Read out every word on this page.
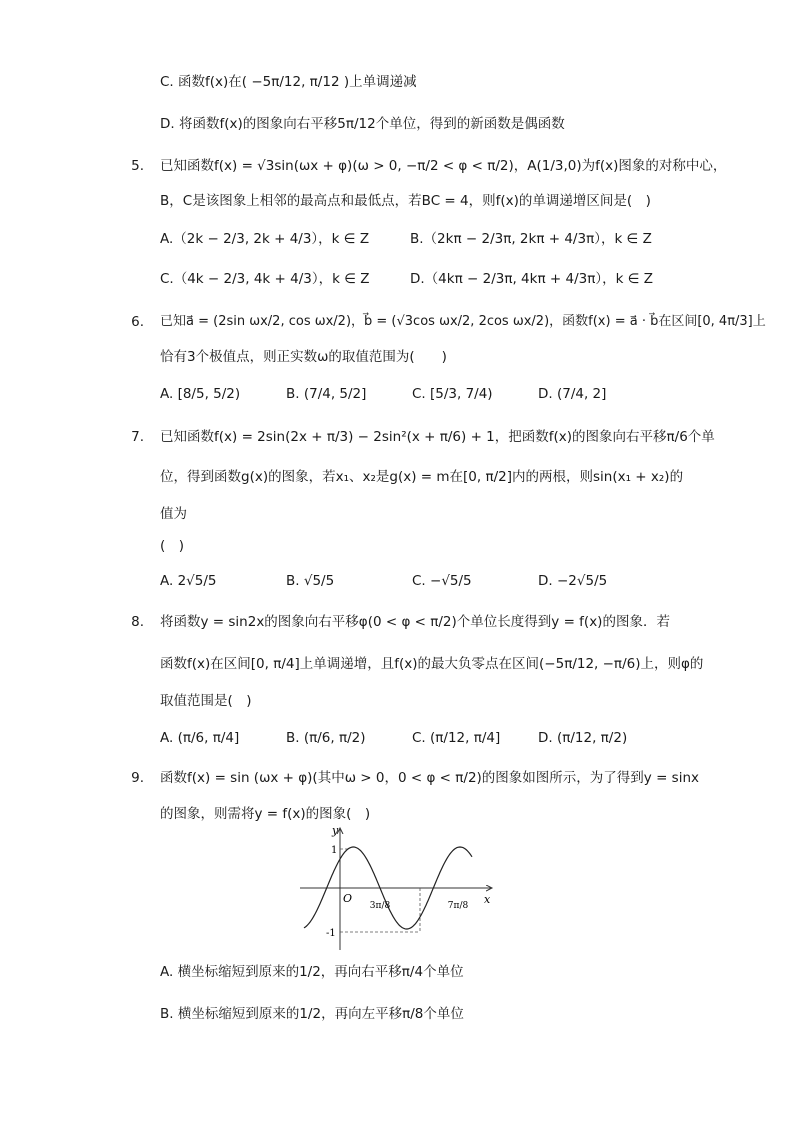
C. 函数f(x)在( −5π/12, π/12 )上单调递减
D. 将函数f(x)的图象向右平移5π/12个单位，得到的新函数是偶函数
5. 已知函数f(x) = √3sin(ωx + φ)(ω > 0, −π/2 < φ < π/2)，A(1/3,0)为f(x)图象的对称中心，
B，C是该图象上相邻的最高点和最低点，若BC = 4，则f(x)的单调递增区间是(　)
A.（2k − 2/3, 2k + 4/3），k ∈ Z	B.（2kπ − 2/3π, 2kπ + 4/3π），k ∈ Z
C.（4k − 2/3, 4k + 4/3），k ∈ Z	D.（4kπ − 2/3π, 4kπ + 4/3π），k ∈ Z
6. 已知a⃗ = (2sin ωx/2, cos ωx/2)，b⃗ = (√3cos ωx/2, 2cos ωx/2)，函数f(x) = a⃗ · b⃗在区间[0, 4π/3]上
恰有3个极值点，则正实数ω的取值范围为(　　)
A. [8/5, 5/2)	B. (7/4, 5/2]	C. [5/3, 7/4)	D. (7/4, 2]
7. 已知函数f(x) = 2sin(2x + π/3) − 2sin²(x + π/6) + 1，把函数f(x)的图象向右平移π/6个单
位，得到函数g(x)的图象，若x₁、x₂是g(x) = m在[0, π/2]内的两根，则sin(x₁ + x₂)的
值为
(　)
A. 2√5/5	B. √5/5	C. −√5/5	D. −2√5/5
8. 将函数y = sin2x的图象向右平移φ(0 < φ < π/2)个单位长度得到y = f(x)的图象．若
函数f(x)在区间[0, π/4]上单调递增，且f(x)的最大负零点在区间(−5π/12, −π/6)上，则φ的
取值范围是(　)
A. (π/6, π/4]	B. (π/6, π/2)	C. (π/12, π/4]	D. (π/12, π/2)
9. 函数f(x) = sin (ωx + φ)(其中ω > 0，0 < φ < π/2)的图象如图所示，为了得到y = sinx
的图象，则需将y = f(x)的图象(　)
y
x
O
1
-1
3π/8	7π/8
A. 横坐标缩短到原来的1/2，再向右平移π/4个单位
B. 横坐标缩短到原来的1/2，再向左平移π/8个单位
